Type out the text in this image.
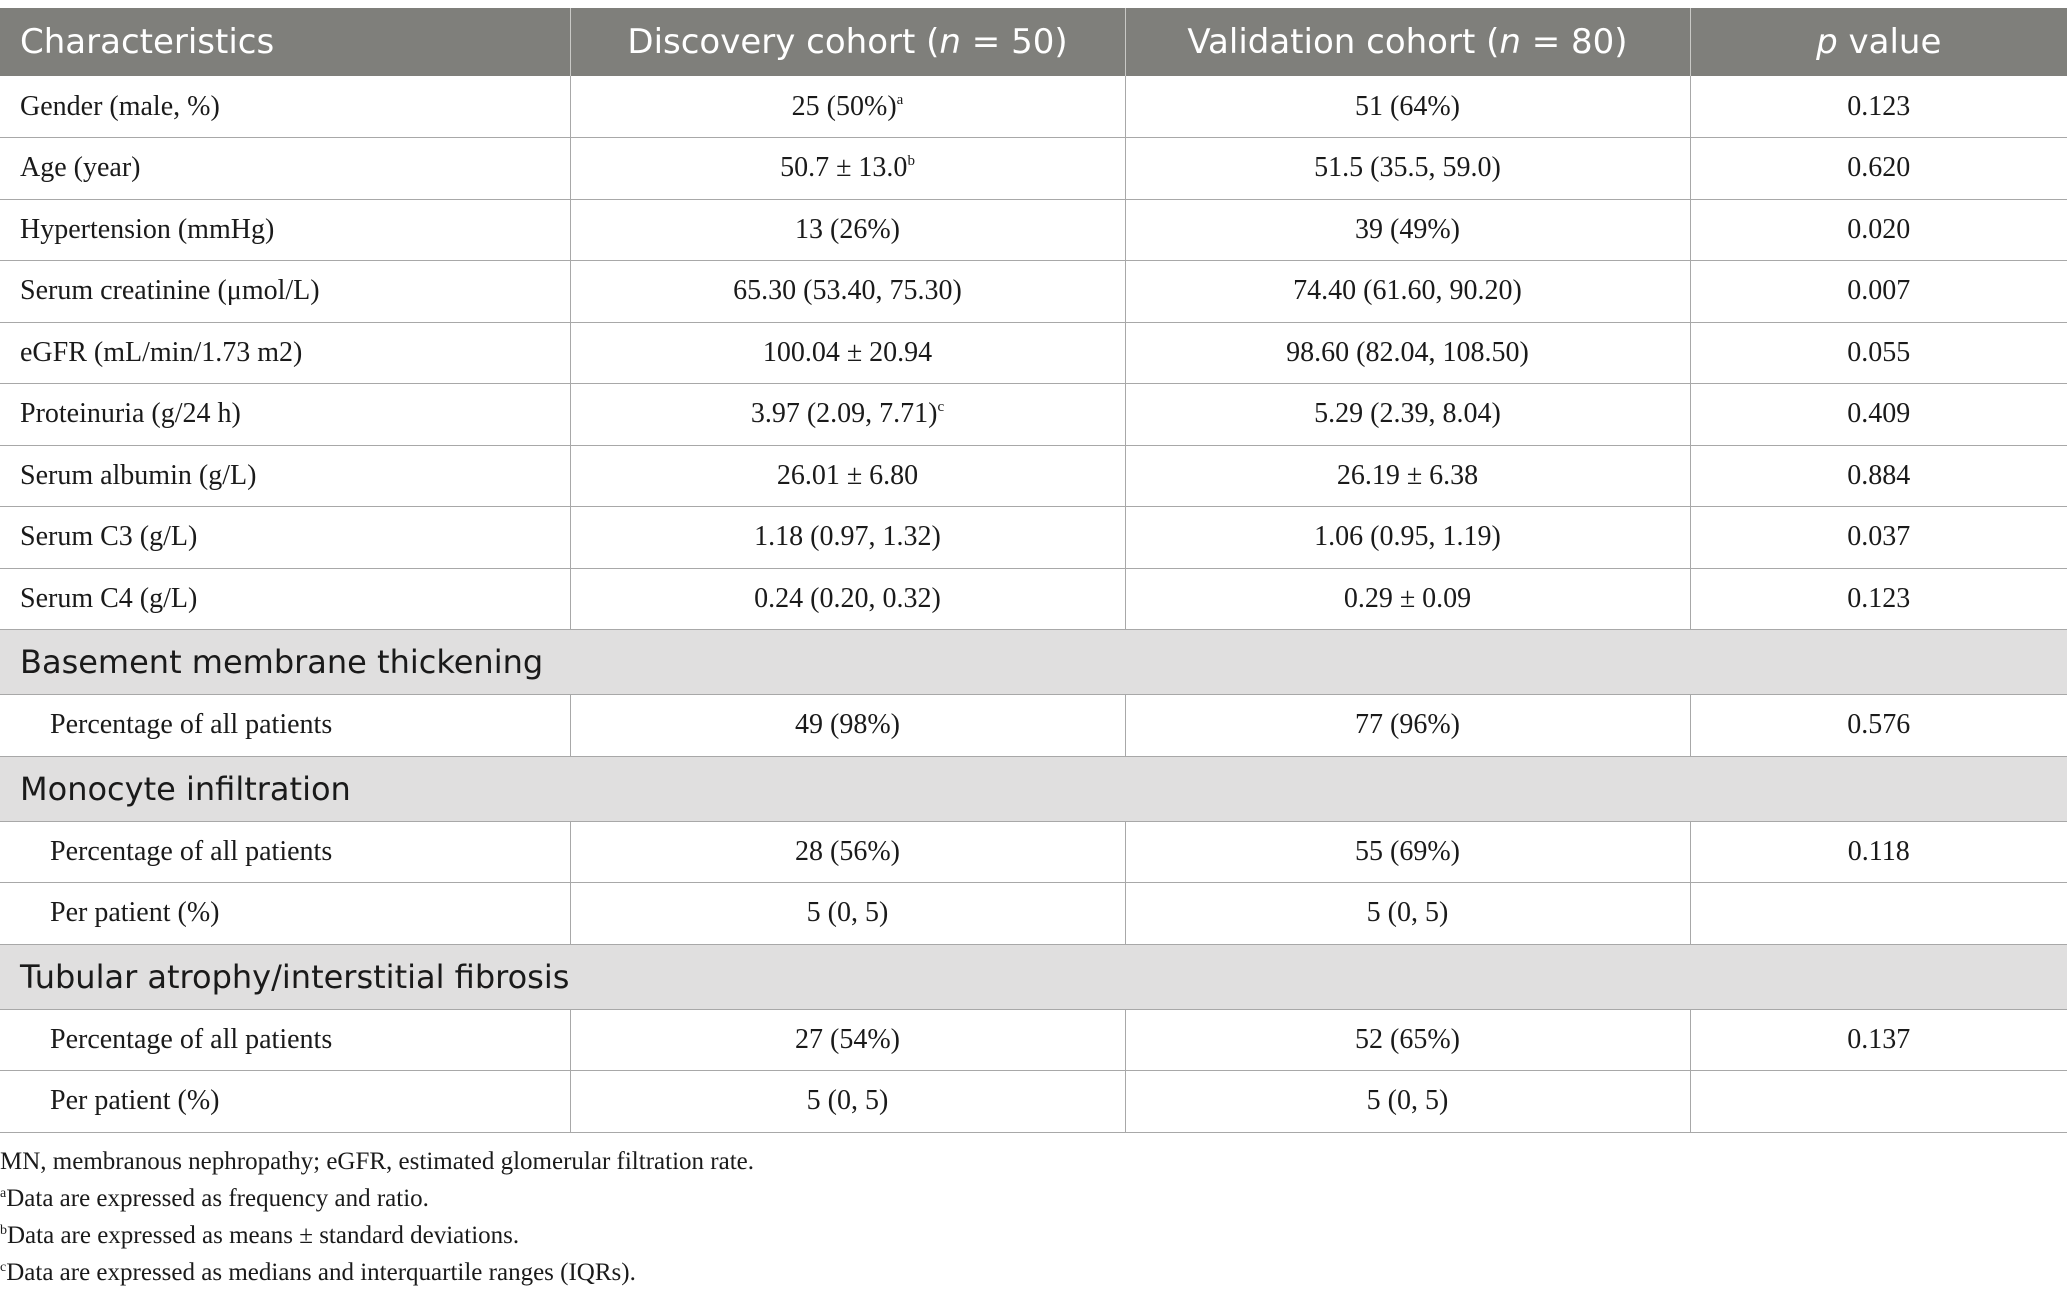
Characteristics	Discovery cohort (n = 50)	Validation cohort (n = 80)	p value
Gender (male, %)	25 $(50\%)^a$	51 (64%)	0.123
Age (year)	50.7 ± 13.0$^b$	51.5 (35.5, 59.0)	0.620
Hypertension (mmHg)	13 (26%)	39 (49%)	0.020
Serum creatinine (μmol/L)	65.30 (53.40, 75.30)	74.40 (61.60, 90.20)	0.007
eGFR (mL/min/1.73 m2)	100.04 ± 20.94	98.60 (82.04, 108.50)	0.055
Proteinuria (g/24 h)	3.97 (2.09, 7.71)$^c$	5.29 (2.39, 8.04)	0.409
Serum albumin (g/L)	26.01 ± 6.80	26.19 ± 6.38	0.884
Serum C3 (g/L)	1.18 (0.97, 1.32)	1.06 (0.95, 1.19)	0.037
Serum C4 (g/L)	0.24 (0.20, 0.32)	0.29 ± 0.09	0.123
Basement membrane thickening			
Percentage of all patients	49 (98%)	77 (96%)	0.576
Monocyte infiltration			
Percentage of all patients	28 (56%)	55 (69%)	0.118
Per patient (%)	5 (0, 5)	5 (0, 5)	
Tubular atrophy/interstitial fibrosis			
Percentage of all patients	27 (54%)	52 (65%)	0.137
Per patient (%)	5 (0, 5)	5 (0, 5)	
MN, membranous nephropathy; eGFR, estimated glomerular filtration rate.
$^a$Data are expressed as frequency and ratio.
$^b$Data are expressed as means ± standard deviations.
$^c$Data are expressed as medians and interquartile ranges (IQRs).
